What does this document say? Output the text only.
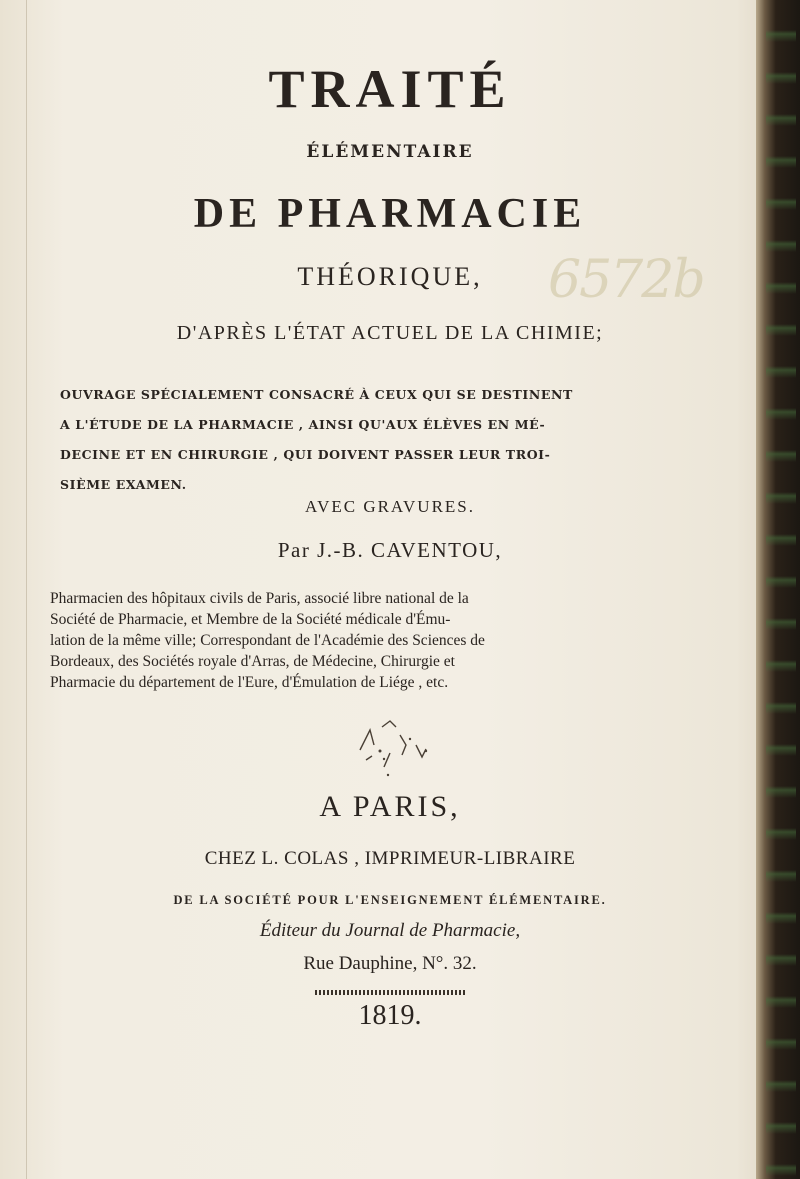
6572b
TRAITÉ
ÉLÉMENTAIRE
DE PHARMACIE
THÉORIQUE,
D'APRÈS L'ÉTAT ACTUEL DE LA CHIMIE;
OUVRAGE SPÉCIALEMENT CONSACRÉ À CEUX QUI SE DESTINENT
A L'ÉTUDE DE LA PHARMACIE , AINSI QU'AUX ÉLÈVES EN MÉ-
DECINE ET EN CHIRURGIE , QUI DOIVENT PASSER LEUR TROI-
SIÈME EXAMEN.
AVEC GRAVURES.
Par J.-B. CAVENTOU,
Pharmacien des hôpitaux civils de Paris, associé libre national de la
Société de Pharmacie, et Membre de la Société médicale d'Ému-
lation de la même ville; Correspondant de l'Académie des Sciences de
Bordeaux, des Sociétés royale d'Arras, de Médecine, Chirurgie et
Pharmacie du département de l'Eure, d'Émulation de Liége , etc.
A PARIS,
CHEZ L. COLAS , IMPRIMEUR-LIBRAIRE
DE LA SOCIÉTÉ POUR L'ENSEIGNEMENT ÉLÉMENTAIRE.
Éditeur du Journal de Pharmacie,
Rue Dauphine, N°. 32.
1819.
